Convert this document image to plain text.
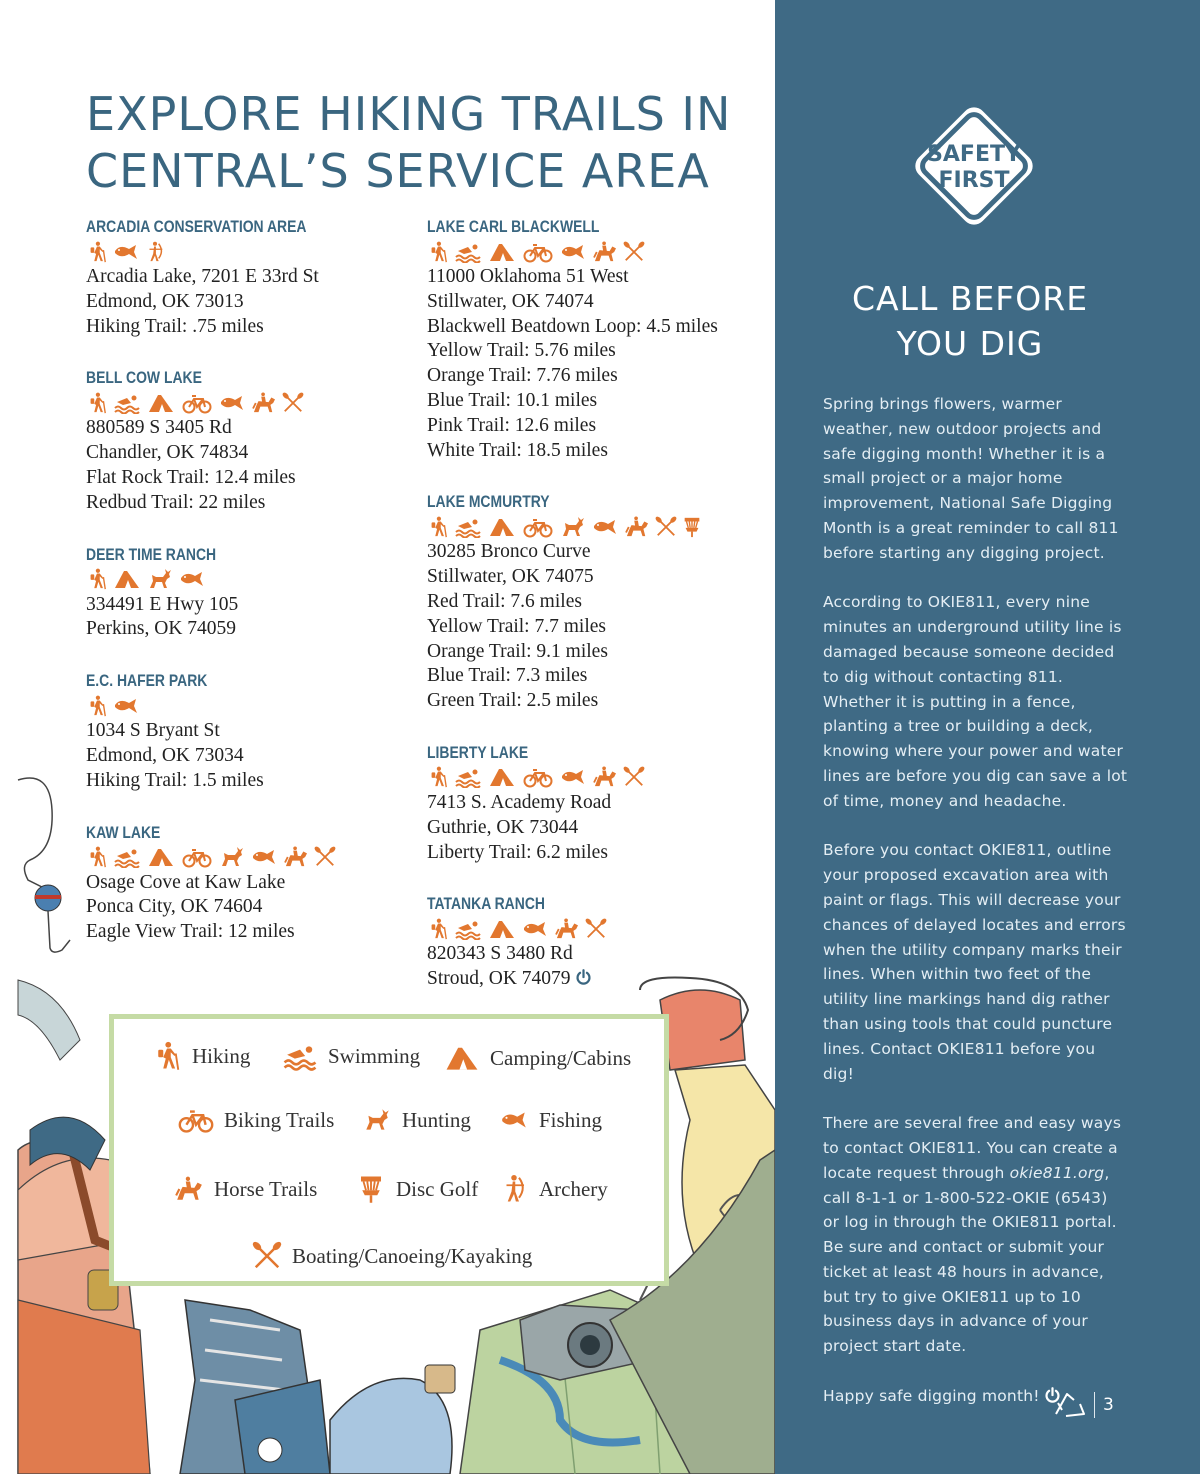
EXPLORE HIKING TRAILS IN
CENTRAL’S SERVICE AREA
ARCADIA CONSERVATION AREA
Arcadia Lake, 7201 E 33rd St
Edmond, OK 73013
Hiking Trail: .75 miles
BELL COW LAKE
880589 S 3405 Rd
Chandler, OK 74834
Flat Rock Trail: 12.4 miles
Redbud Trail: 22 miles
DEER TIME RANCH
334491 E Hwy 105
Perkins, OK 74059
E.C. HAFER PARK
1034 S Bryant St
Edmond, OK 73034
Hiking Trail: 1.5 miles
KAW LAKE
Osage Cove at Kaw Lake
Ponca City, OK 74604
Eagle View Trail: 12 miles
LAKE CARL BLACKWELL
11000 Oklahoma 51 West
Stillwater, OK 74074
Blackwell Beatdown Loop: 4.5 miles
Yellow Trail: 5.76 miles
Orange Trail: 7.76 miles
Blue Trail: 10.1 miles
Pink Trail: 12.6 miles
White Trail: 18.5 miles
LAKE MCMURTRY
30285 Bronco Curve
Stillwater, OK 74075
Red Trail: 7.6 miles
Yellow Trail: 7.7 miles
Orange Trail: 9.1 miles
Blue Trail: 7.3 miles
Green Trail: 2.5 miles
LIBERTY LAKE
7413 S. Academy Road
Guthrie, OK 73044
Liberty Trail: 6.2 miles
TATANKA RANCH
820343 S 3480 Rd
Stroud, OK 74079
Hiking	Swimming	Camping/Cabins
Biking Trails	Hunting	Fishing
Horse Trails	Disc Golf	Archery
Boating/Canoeing/Kayaking
SAFETY
FIRST
CALL BEFORE
YOU DIG

Spring brings flowers, warmer weather, new outdoor projects and safe digging month! Whether it is a small project or a major home improvement, National Safe Digging Month is a great reminder to call 811 before starting any digging project.

According to OKIE811, every nine minutes an underground utility line is damaged because someone decided to dig without contacting 811. Whether it is putting in a fence, planting a tree or building a deck, knowing where your power and water lines are before you dig can save a lot of time, money and headache.

Before you contact OKIE811, outline your proposed excavation area with paint or flags. This will decrease your chances of delayed locates and errors when the utility company marks their lines. When within two feet of the utility line markings hand dig rather than using tools that could puncture lines. Contact OKIE811 before you dig!

There are several free and easy ways to contact OKIE811. You can create a locate request through okie811.org, call 8-1-1 or 1-800-522-OKIE (6543) or log in through the OKIE811 portal. Be sure and contact or submit your ticket at least 48 hours in advance, but try to give OKIE811 up to 10 business days in advance of your project start date.

Happy safe digging month!	3
